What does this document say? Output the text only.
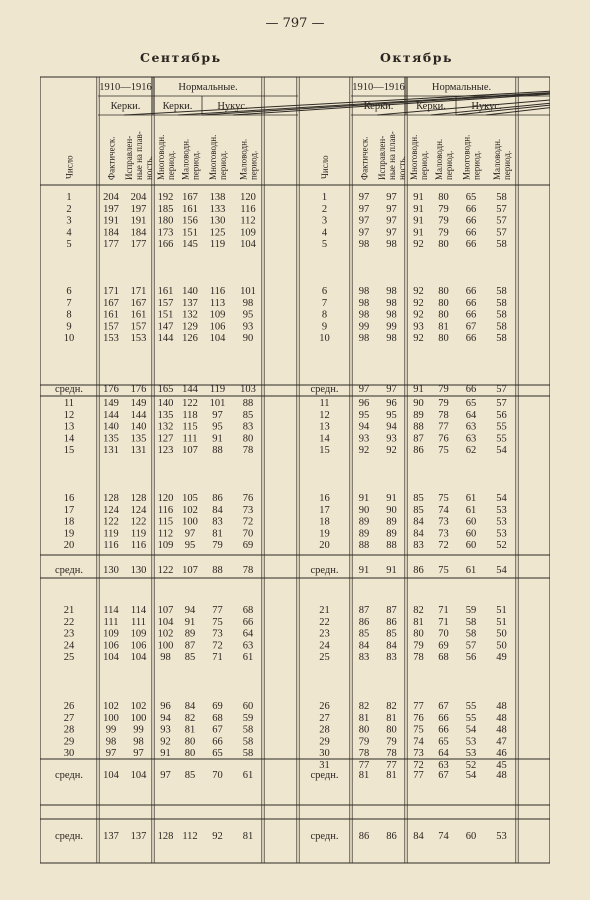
— 797 —
Сентябрь	Октябрь
Число
1910—1916	Нормальные.
Керки. Керки. Нукус.
Фактическ. Исправлен- ные на плав- ность. Многоводн. период. Маловодн. период. Многоводн. период. Маловодн. период.	Число
1910—1916	Нормальные.
Керки. Керки. Нукус.
Фактическ. Исправлен- ные на плав- ность. Многоводн. период. Маловодн. период. Многоводн. период. Маловодн. период.
1	204 204 192 167 138 120
2	197 197 185 161 133 116
3	191 191 180 156 130 112
4	184 184 173 151 125 109
5	177 177 166 145 119 104
6	171 171 161 140 116 101
7	167 167 157 137 113 98
8	161 161 151 132 109 95
9	157 157 147 129 106 93
10	153 153 144 126 104 90
средн. 176 176 165 144 119 103
11	149 149 140 122 101 88
12	144 144 135 118 97 85
13	140 140 132 115 95 83
14	135 135 127 111 91 80
15	131 131 123 107 88 78
16	128 128 120 105 86 76
17	124 124 116 102 84 73
18	122 122 115 100 83 72
19	119 119 112 97 81 70
20	116 116 109 95 79 69
средн. 130 130 122 107 88 78
21	114 114 107 94 77 68
22	111 111 104 91 75 66
23	109 109 102 89 73 64
24	106 106 100 87 72 63
25	104 104 98 85 71 61
26	102 102 96 84 69 60
27	100 100 94 82 68 59
28	99 99 93 81 67 58
29	98 98 92 80 66 58
30	97 97 91 80 65 58
средн. 104 104 97 85 70 61
средн. 137 137 128 112 92 81
1	97 97 91 80 65 58
2	97 97 91 79 66 57
3	97 97 91 79 66 57
4	97 97 91 79 66 57
5	98 98 92 80 66 58
6	98 98 92 80 66 58
7	98 98 92 80 66 58
8	98 98 92 80 66 58
9	99 99 93 81 67 58
10	98 98 92 80 66 58
средн. 97 97 91 79 66 57
11	96 96 90 79 65 57
12	95 95 89 78 64 56
13	94 94 88 77 63 55
14	93 93 87 76 63 55
15	92 92 86 75 62 54
16	91 91 85 75 61 54
17	90 90 85 74 61 53
18	89 89 84 73 60 53
19	89 89 84 73 60 53
20	88 88 83 72 60 52
средн. 91 91 86 75 61 54
21	87 87 82 71 59 51
22	86 86 81 71 58 51
23	85 85 80 70 58 50
24	84 84 79 69 57 50
25	83 83 78 68 56 49
26	82 82 77 67 55 48
27	81 81 76 66 55 48
28	80 80 75 66 54 48
29	79 79 74 65 53 47
30	78 78 73 64 53 46
31	77 77 72 63 52 45
средн. 81 81 77 67 54 48
средн. 86 86 84 74 60 53
